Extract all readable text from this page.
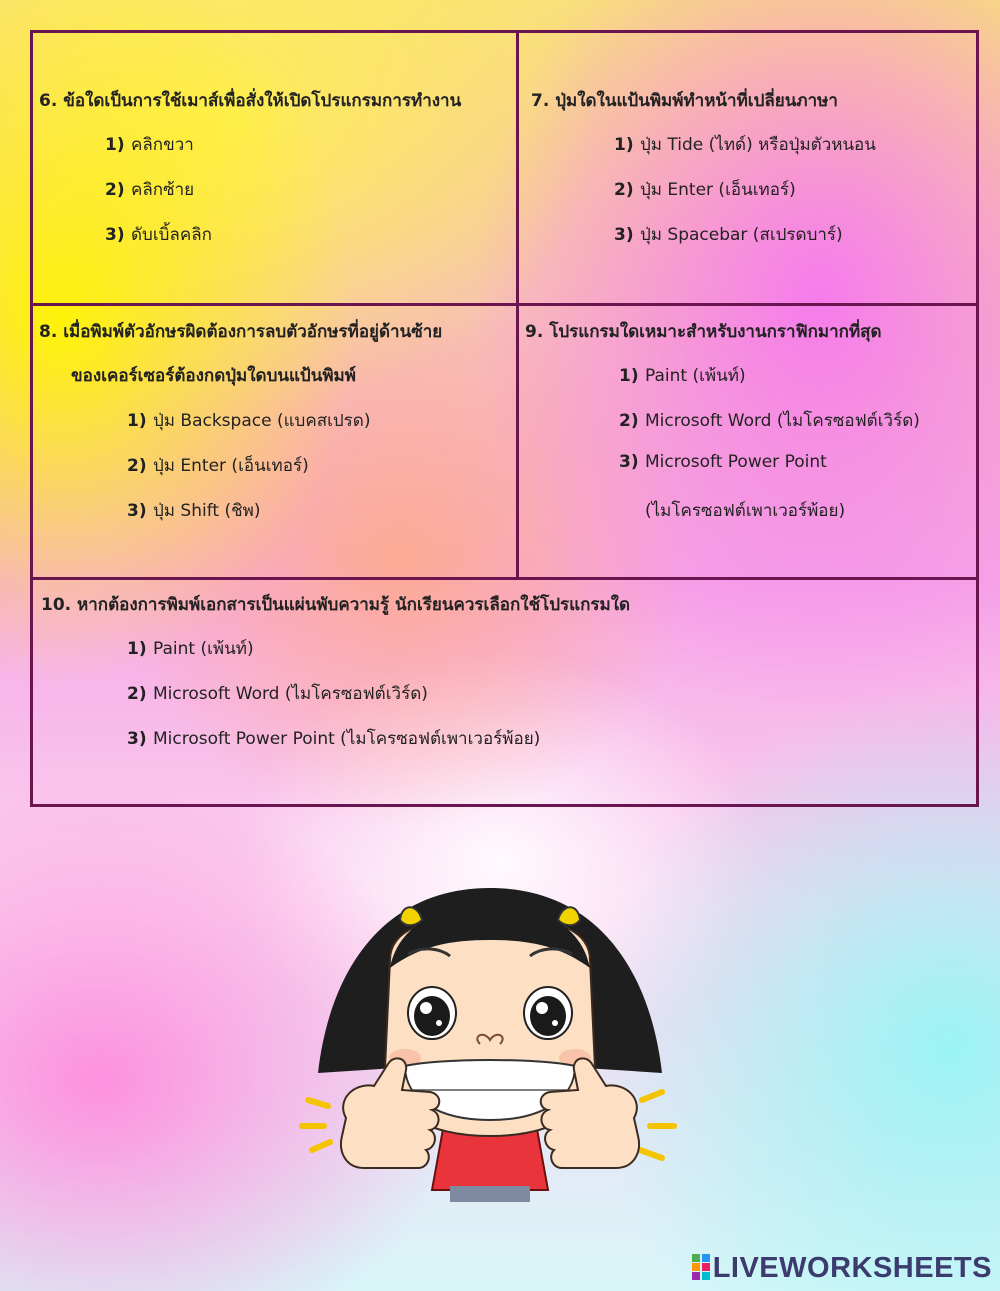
6. ข้อใดเป็นการใช้เมาส์เพื่อสั่งให้เปิดโปรแกรมการทำงาน
1) คลิกขวา
2) คลิกซ้าย
3) ดับเบิ้ลคลิก
7. ปุ่มใดในแป้นพิมพ์ทำหน้าที่เปลี่ยนภาษา
1) ปุ่ม Tide (ไทด์) หรือปุ่มตัวหนอน
2) ปุ่ม Enter (เอ็นเทอร์)
3) ปุ่ม Spacebar (สเปรดบาร์)
8. เมื่อพิมพ์ตัวอักษรผิดต้องการลบตัวอักษรที่อยู่ด้านซ้าย
ของเคอร์เซอร์ต้องกดปุ่มใดบนแป้นพิมพ์
1) ปุ่ม Backspace (แบคสเปรด)
2) ปุ่ม Enter (เอ็นเทอร์)
3) ปุ่ม Shift (ชิพ)
9. โปรแกรมใดเหมาะสำหรับงานกราฟิกมากที่สุด
1) Paint (เพ้นท์)
2) Microsoft Word (ไมโครซอฟต์เวิร์ด)
3) Microsoft Power Point
(ไมโครซอฟต์เพาเวอร์พ้อย)
10. หากต้องการพิมพ์เอกสารเป็นแผ่นพับความรู้ นักเรียนควรเลือกใช้โปรแกรมใด
1) Paint (เพ้นท์)
2) Microsoft Word (ไมโครซอฟต์เวิร์ด)
3) Microsoft Power Point (ไมโครซอฟต์เพาเวอร์พ้อย)
LIVEWORKSHEETS
